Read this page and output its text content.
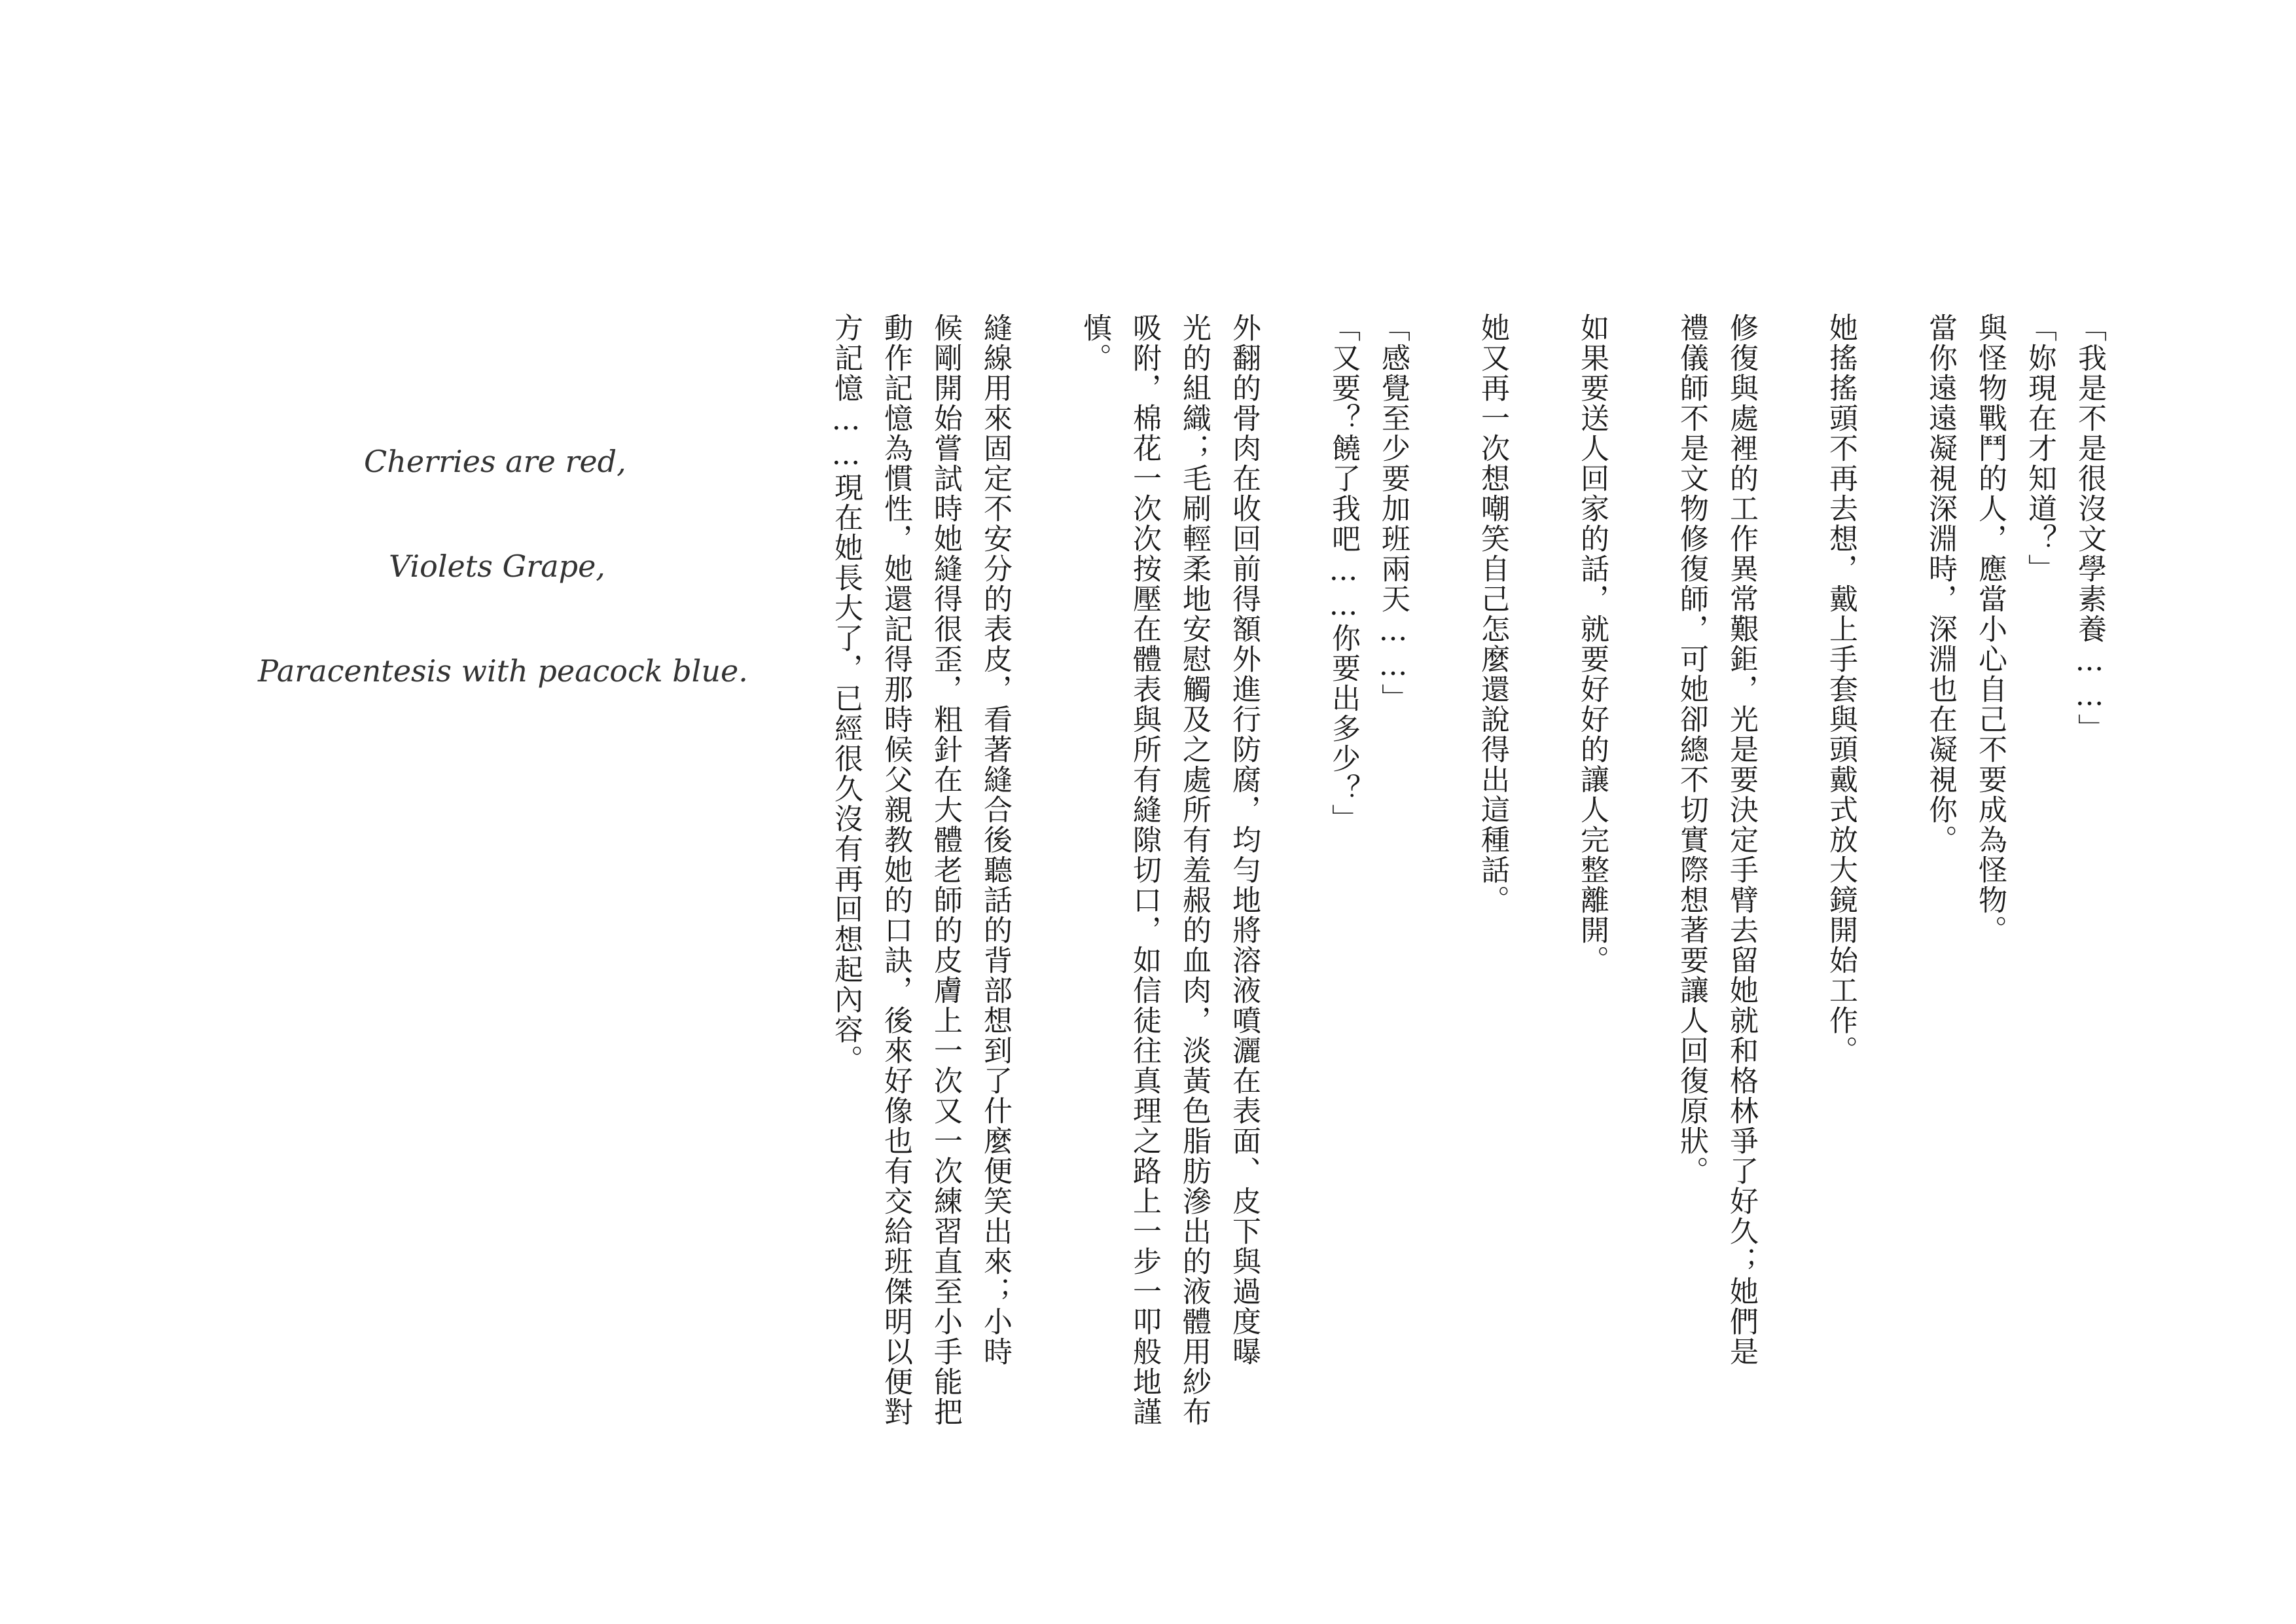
Cherries are red,
Violets Grape,
Paracentesis with peacock blue.	「我是不是很沒文學素養……」
「妳現在才知道？」

與怪物戰鬥的人，應當小心自己不要成為怪物。
當你遠遠凝視深淵時，深淵也在凝視你。

她搖搖頭不再去想，戴上手套與頭戴式放大鏡開始工作。

修復與處裡的工作異常艱鉅，光是要決定手臂去留她就和格林爭了好久；她們是
禮儀師不是文物修復師，可她卻總不切實際想著要讓人回復原狀。

如果要送人回家的話，就要好好的讓人完整離開。

她又再一次想嘲笑自己怎麼還說得出這種話。

「感覺至少要加班兩天……」
「又要？饒了我吧……你要出多少？」

外翻的骨肉在收回前得額外進行防腐，均勻地將溶液噴灑在表面、皮下與過度曝
光的組織；毛刷輕柔地安慰觸及之處所有羞赧的血肉，淡黃色脂肪滲出的液體用紗布
吸附，棉花一次次按壓在體表與所有縫隙切口，如信徒往真理之路上一步一叩般地謹
慎。

縫線用來固定不安分的表皮，看著縫合後聽話的背部想到了什麼便笑出來；小時
候剛開始嘗試時她縫得很歪，粗針在大體老師的皮膚上一次又一次練習直至小手能把
動作記憶為慣性，她還記得那時候父親教她的口訣，後來好像也有交給班傑明以便對
方記憶……現在她長大了，已經很久沒有再回想起內容。
